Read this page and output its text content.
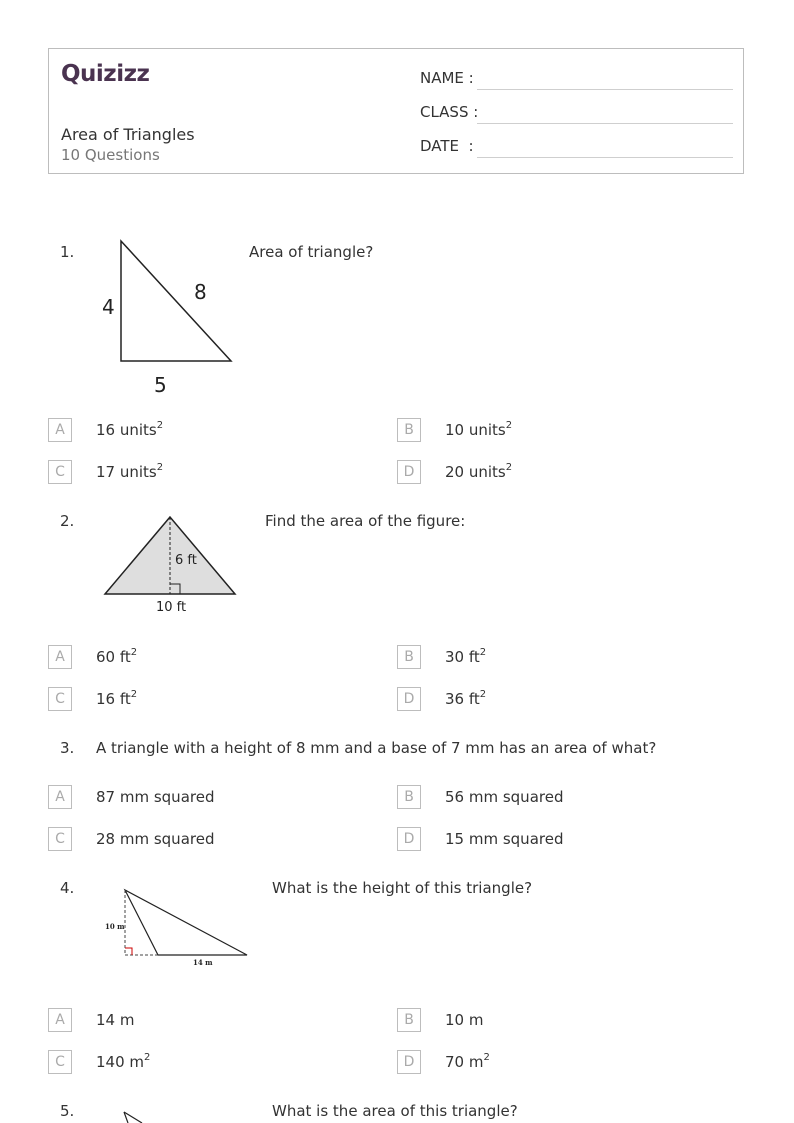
Quizizz
Area of Triangles
10 Questions
NAME :
CLASS :
DATE  :
1.
4
8
5
Area of triangle?
A	16 units$^2$	B	10 units$^2$
C	17 units$^2$	D	20 units$^2$
2.
6 ft
10 ft
Find the area of the figure:
A	60 $ft^2$	B	30 $ft^2$
C	16 $ft^2$	D	36 $ft^2$
3. A triangle with a height of 8 mm and a base of 7 mm has an area of what?
A	87 mm squared	B	56 mm squared
C	28 mm squared	D	15 mm squared
4.
10 m
14 m
What is the height of this triangle?
A	14 m	B	10 m
C	140 $m^2$	D	70 $m^2$
5.	What is the area of this triangle?
